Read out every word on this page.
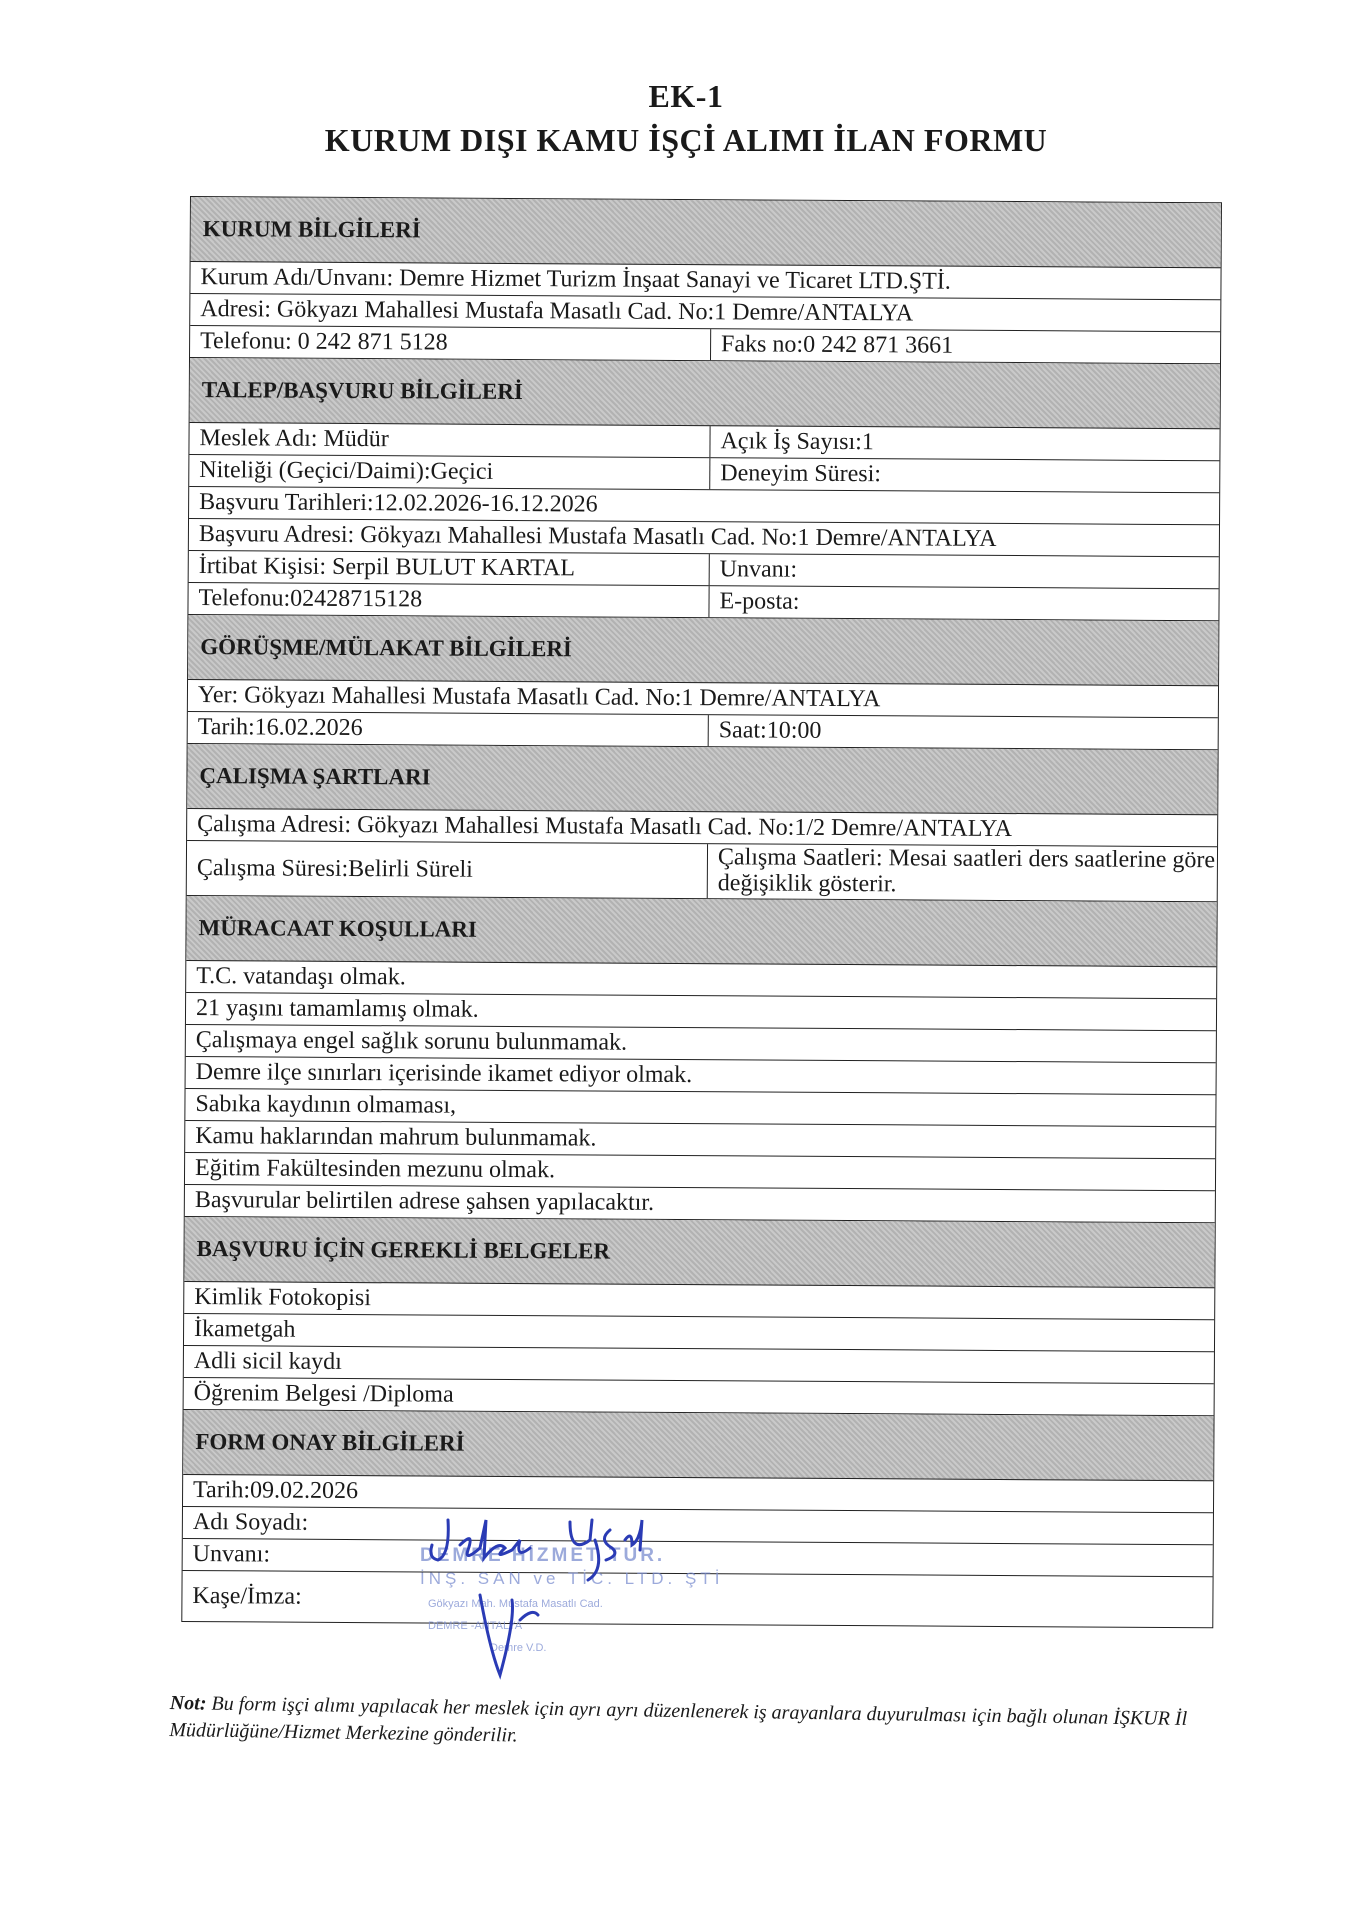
EK-1
KURUM DIŞI KAMU İŞÇİ ALIMI İLAN FORMU
KURUM BİLGİLERİ
Kurum Adı/Unvanı: Demre Hizmet Turizm İnşaat Sanayi ve Ticaret LTD.ŞTİ.
Adresi: Gökyazı Mahallesi Mustafa Masatlı Cad. No:1 Demre/ANTALYA
Telefonu: 0 242 871 5128	Faks no:0 242 871 3661
TALEP/BAŞVURU BİLGİLERİ
Meslek Adı: Müdür	Açık İş Sayısı:1
Niteliği (Geçici/Daimi):Geçici	Deneyim Süresi:
Başvuru Tarihleri:12.02.2026-16.12.2026
Başvuru Adresi: Gökyazı Mahallesi Mustafa Masatlı Cad. No:1 Demre/ANTALYA
İrtibat Kişisi: Serpil BULUT KARTAL	Unvanı:
Telefonu:02428715128	E-posta:
GÖRÜŞME/MÜLAKAT BİLGİLERİ
Yer: Gökyazı Mahallesi Mustafa Masatlı Cad. No:1 Demre/ANTALYA
Tarih:16.02.2026	Saat:10:00
ÇALIŞMA ŞARTLARI
Çalışma Adresi: Gökyazı Mahallesi Mustafa Masatlı Cad. No:1/2 Demre/ANTALYA
Çalışma Süresi:Belirli Süreli	Çalışma Saatleri: Mesai saatleri ders saatlerine göre değişiklik gösterir.
MÜRACAAT KOŞULLARI
T.C. vatandaşı olmak.
21 yaşını tamamlamış olmak.
Çalışmaya engel sağlık sorunu bulunmamak.
Demre ilçe sınırları içerisinde ikamet ediyor olmak.
Sabıka kaydının olmaması,
Kamu haklarından mahrum bulunmamak.
Eğitim Fakültesinden mezunu olmak.
Başvurular belirtilen adrese şahsen yapılacaktır.
BAŞVURU İÇİN GEREKLİ BELGELER
Kimlik Fotokopisi
İkametgah
Adli sicil kaydı
Öğrenim Belgesi /Diploma
FORM ONAY BİLGİLERİ
Tarih:09.02.2026
Adı Soyadı:
Unvanı:
Kaşe/İmza:
DEMRE HİZMET TUR.
İNŞ. SAN ve TİC. LTD. ŞTİ
Gökyazı Mah. Mustafa Masatlı Cad.
DEMRE -ANTALYA
Demre V.D.
Not: Bu form işçi alımı yapılacak her meslek için ayrı ayrı düzenlenerek iş arayanlara duyurulması için bağlı olunan İŞKUR İl Müdürlüğüne/Hizmet Merkezine gönderilir.
